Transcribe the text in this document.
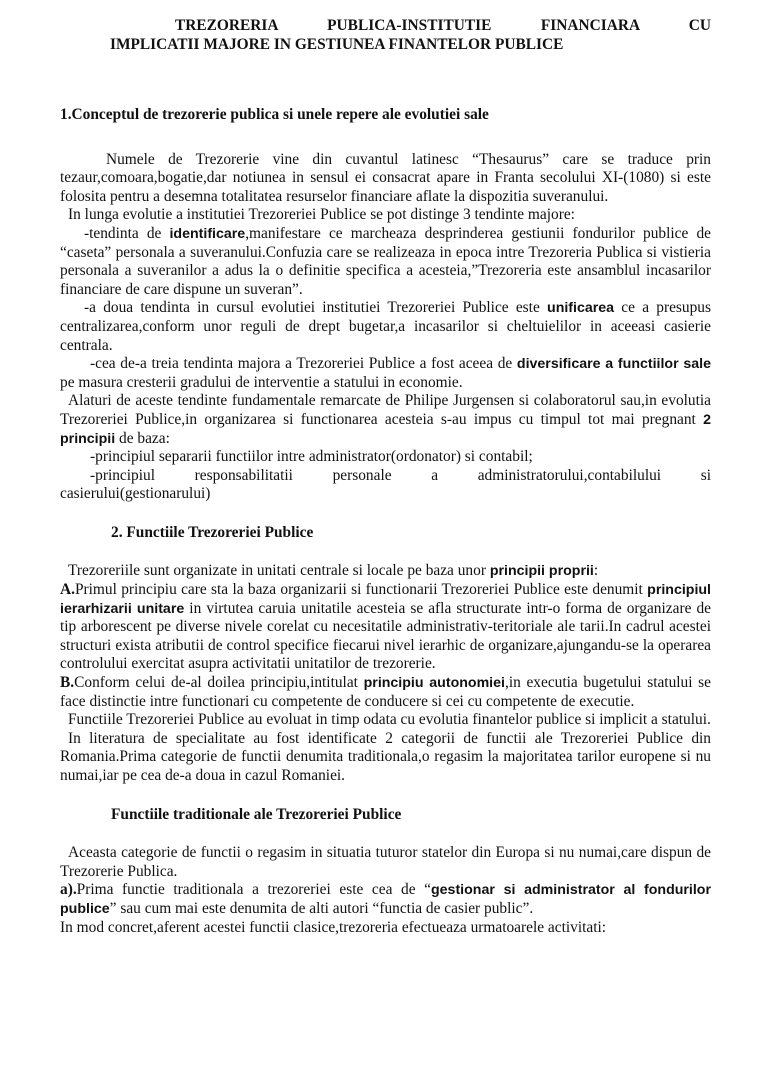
TREZORERIA PUBLICA-INSTITUTIE FINANCIARA CU
IMPLICATII MAJORE IN GESTIUNEA FINANTELOR PUBLICE
1.Conceptul de trezorerie publica si unele repere ale evolutiei sale

Numele de Trezorerie vine din cuvantul latinesc “Thesaurus” care se traduce prin tezaur,comoara,bogatie,dar notiunea in sensul ei consacrat apare in Franta secolului XI-(1080) si este folosita pentru a desemna totalitatea resurselor financiare aflate la dispozitia suveranului.

In lunga evolutie a institutiei Trezoreriei Publice se pot distinge 3 tendinte majore:

-tendinta de identificare,manifestare ce marcheaza desprinderea gestiunii fondurilor publice de “caseta” personala a suveranului.Confuzia care se realizeaza in epoca intre Trezoreria Publica si vistieria personala a suveranilor a adus la o definitie specifica a acesteia,”Trezoreria este ansamblul incasarilor financiare de care dispune un suveran”.

-a doua tendinta in cursul evolutiei institutiei Trezoreriei Publice este unificarea ce a presupus centralizarea,conform unor reguli de drept bugetar,a incasarilor si cheltuielilor in aceeasi casierie centrala.

-cea de-a treia tendinta majora a Trezoreriei Publice a fost aceea de diversificare a functiilor sale pe masura cresterii gradului de interventie a statului in economie.

Alaturi de aceste tendinte fundamentale remarcate de Philipe Jurgensen si colaboratorul sau,in evolutia Trezoreriei Publice,in organizarea si functionarea acesteia s-au impus cu timpul tot mai pregnant 2 principii de baza:

-principiul separarii functiilor intre administrator(ordonator) si contabil;

-principiul responsabilitatii personale a administratorului,contabilului si

casierului(gestionarului)

2. Functiile Trezoreriei Publice

Trezoreriile sunt organizate in unitati centrale si locale pe baza unor principii proprii:

A.Primul principiu care sta la baza organizarii si functionarii Trezoreriei Publice este denumit principiul ierarhizarii unitare in virtutea caruia unitatile acesteia se afla structurate intr-o forma de organizare de tip arborescent pe diverse nivele corelat cu necesitatile administrativ-teritoriale ale tarii.In cadrul acestei structuri exista atributii de control specifice fiecarui nivel ierarhic de organizare,ajungandu-se la operarea controlului exercitat asupra activitatii unitatilor de trezorerie.

B.Conform celui de-al doilea principiu,intitulat principiu autonomiei,in executia bugetului statului se face distinctie intre functionari cu competente de conducere si cei cu competente de executie.

Functiile Trezoreriei Publice au evoluat in timp odata cu evolutia finantelor publice si implicit a statului.

In literatura de specialitate au fost identificate 2 categorii de functii ale Trezoreriei Publice din Romania.Prima categorie de functii denumita traditionala,o regasim la majoritatea tarilor europene si nu numai,iar pe cea de-a doua in cazul Romaniei.

Functiile traditionale ale Trezoreriei Publice

Aceasta categorie de functii o regasim in situatia tuturor statelor din Europa si nu numai,care dispun de Trezorerie Publica.

a).Prima functie traditionala a trezoreriei este cea de “gestionar si administrator al fondurilor publice” sau cum mai este denumita de alti autori “functia de casier public”.

In mod concret,aferent acestei functii clasice,trezoreria efectueaza urmatoarele activitati:
